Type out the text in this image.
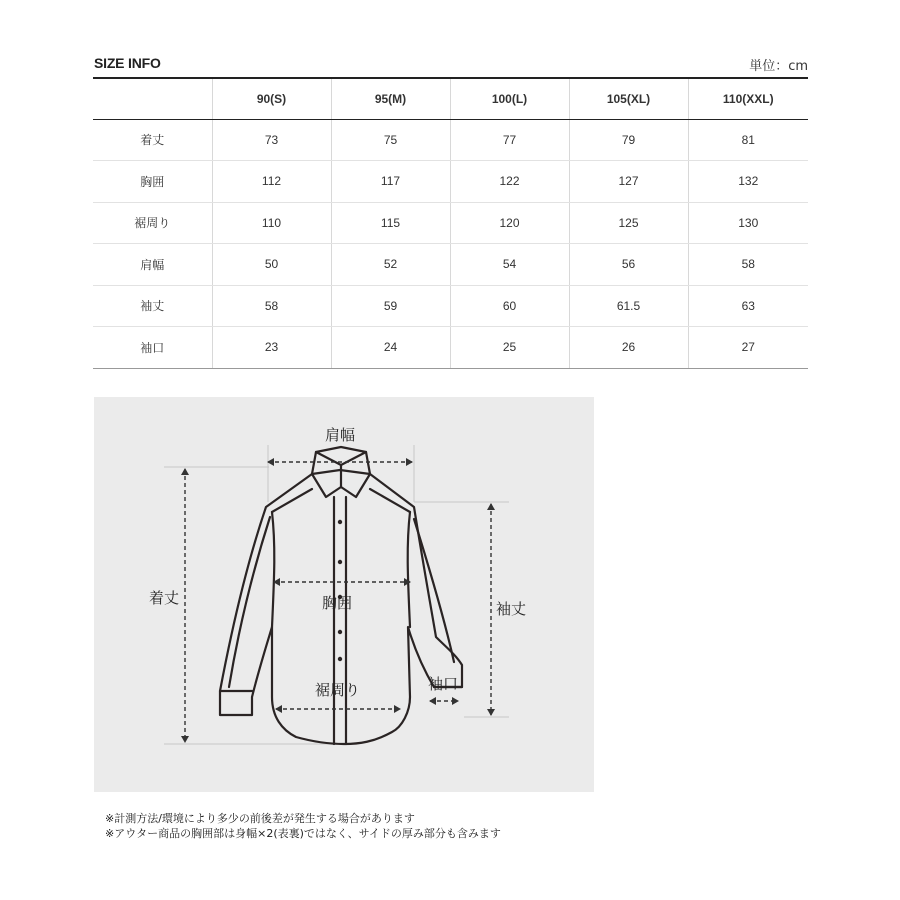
SIZE INFO	単位：cm
	90(S)	95(M)	100(L)	105(XL)	110(XXL)
着丈	73	75	77	79	81
胸囲	112	117	122	127	132
裾周り	110	115	120	125	130
肩幅	50	52	54	56	58
袖丈	58	59	60	61.5	63
袖口	23	24	25	26	27
肩幅
着丈	胸囲
裾周り
袖丈
袖口
※計測方法/環境により多少の前後差が発生する場合があります
※アウター商品の胸囲部は身幅×2(表裏)ではなく、サイドの厚み部分も含みます
